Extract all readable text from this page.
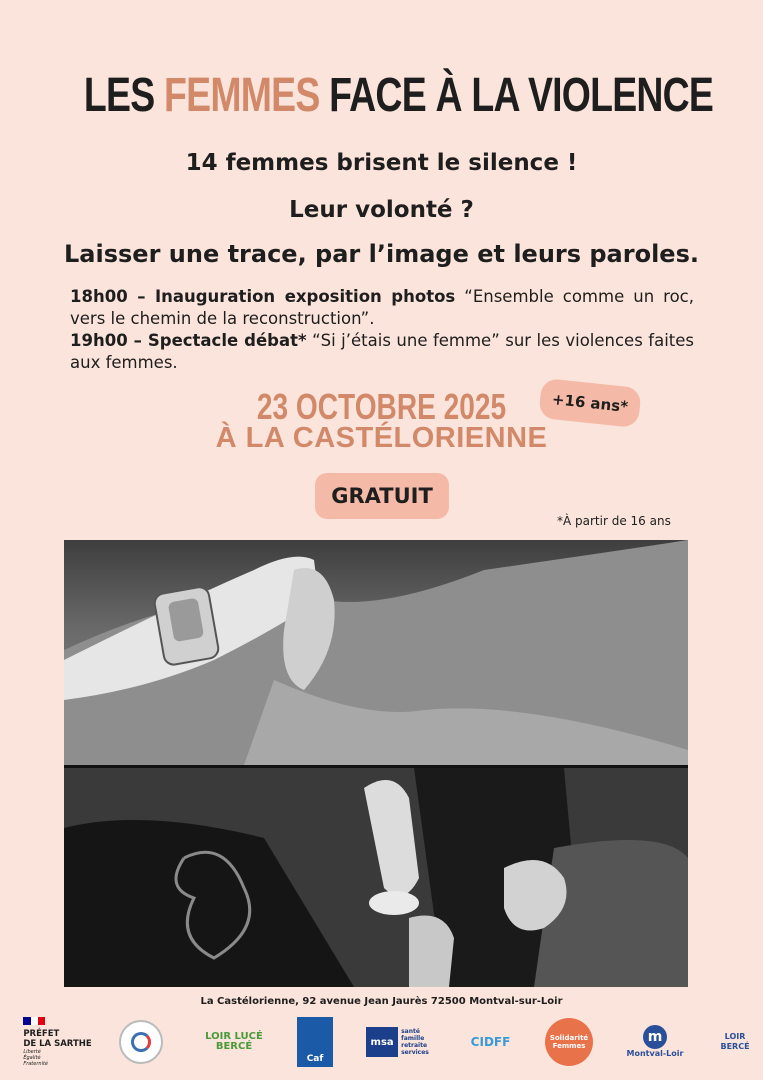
LES FEMMES FACE À LA VIOLENCE
14 femmes brisent le silence !
Leur volonté ?
Laisser une trace, par l’image et leurs paroles.
18h00 – Inauguration exposition photos “Ensemble comme un roc, vers le chemin de la reconstruction”.
19h00 – Spectacle débat* “Si j’étais une femme” sur les violences faites aux femmes.
23 OCTOBRE 2025
À LA CASTÉLORIENNE
+16 ans*
GRATUIT
*À partir de 16 ans
La Castélorienne, 92 avenue Jean Jaurès 72500 Montval-sur-Loir
PRÉFET
DE LA SARTHE
Liberté
Égalité
Fraternité
LOIR LUCÉ BERCÉ
Caf
msa
santé
famille
retraite
services
CIDFF	Solidarité Femmes
m
Montval-Loir
LOIR BERCÉ
